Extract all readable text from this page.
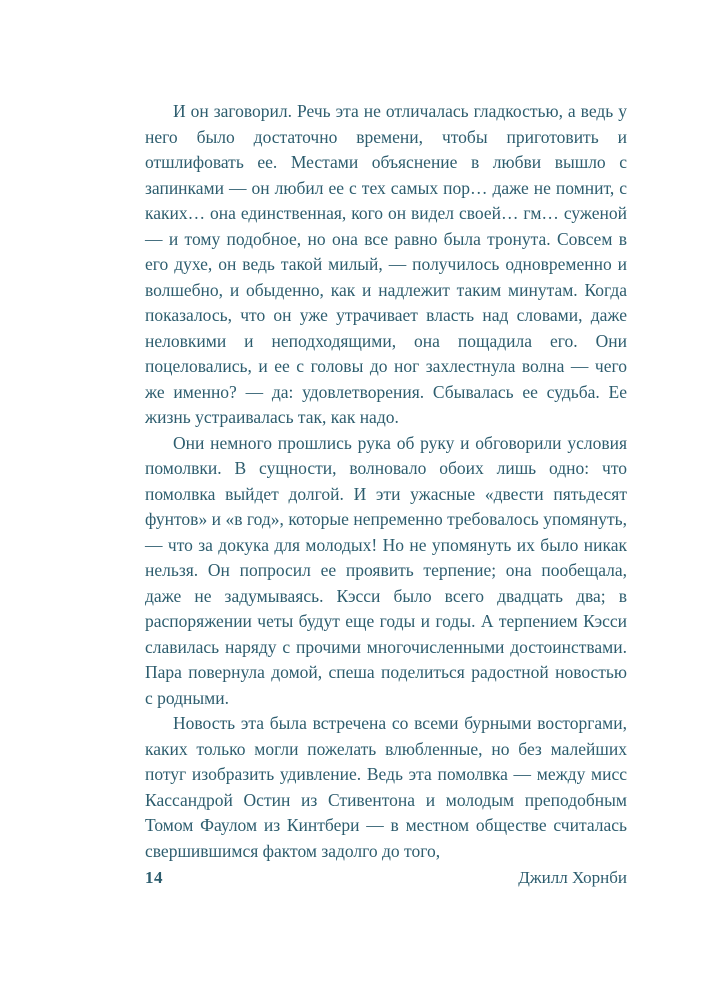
И он заговорил. Речь эта не отличалась гладкостью, а ведь у него было достаточно времени, чтобы приготовить и отшлифовать ее. Местами объяснение в любви вышло с запинками — он любил ее с тех самых пор… даже не помнит, с каких… она единственная, кого он видел своей… гм… суженой — и тому подобное, но она все равно была тронута. Совсем в его духе, он ведь такой милый, — получилось одновременно и волшебно, и обыденно, как и надлежит таким минутам. Когда показалось, что он уже утрачивает власть над словами, даже неловкими и неподходящими, она пощадила его. Они поцеловались, и ее с головы до ног захлестнула волна — чего же именно? — да: удовлетворения. Сбывалась ее судьба. Ее жизнь устраивалась так, как надо.

Они немного прошлись рука об руку и обговорили условия помолвки. В сущности, волновало обоих лишь одно: что помолвка выйдет долгой. И эти ужасные «двести пятьдесят фунтов» и «в год», которые непременно требовалось упомянуть, — что за докука для молодых! Но не упомянуть их было никак нельзя. Он попросил ее проявить терпение; она пообещала, даже не задумываясь. Кэсси было всего двадцать два; в распоряжении четы будут еще годы и годы. А терпением Кэсси славилась наряду с прочими многочисленными достоинствами. Пара повернула домой, спеша поделиться радостной новостью с родными.

Новость эта была встречена со всеми бурными восторгами, каких только могли пожелать влюбленные, но без малейших потуг изобразить удивление. Ведь эта помолвка — между мисс Кассандрой Остин из Стивентона и молодым преподобным Томом Фаулом из Кинтбери — в местном обществе считалась свершившимся фактом задолго до того,

14	Джилл Хорнби
